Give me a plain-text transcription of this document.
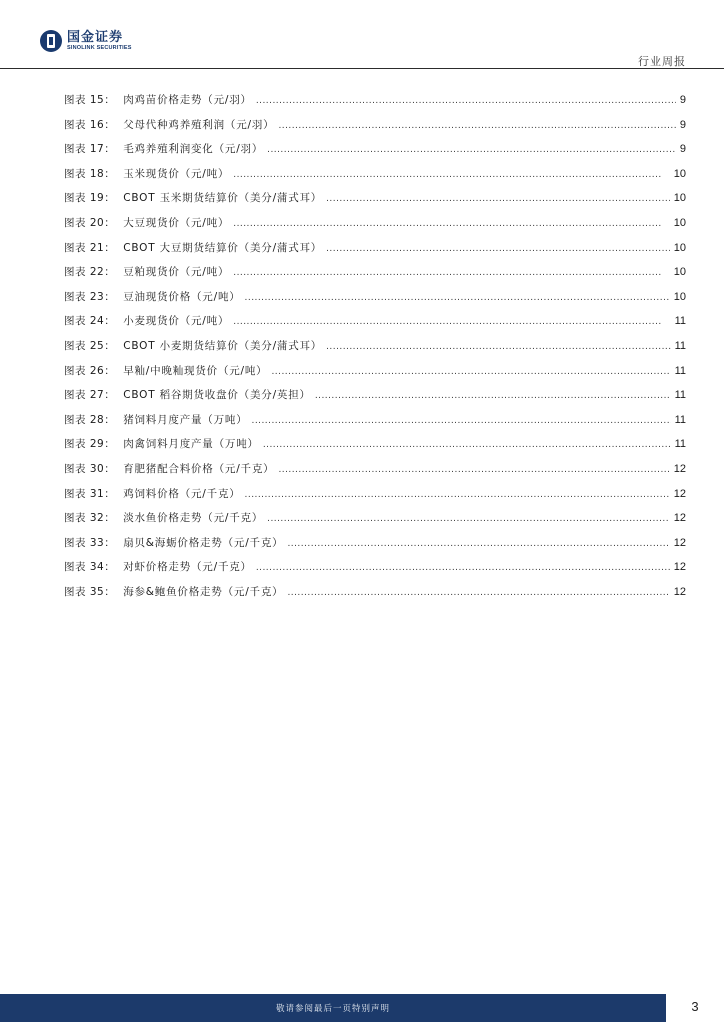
国金证券
SINOLINK SECURITIES
行业周报
图表 15： 肉鸡苗价格走势（元/羽） . . .	9
图表 16： 父母代种鸡养殖利润（元/羽） . . .	9
图表 17： 毛鸡养殖利润变化（元/羽） . . .	9
图表 18： 玉米现货价（元/吨） . . .	10
图表 19： CBOT 玉米期货结算价（美分/蒲式耳） . . .	10
图表 20： 大豆现货价（元/吨） . . .	10
图表 21： CBOT 大豆期货结算价（美分/蒲式耳） . . .	10
图表 22： 豆粕现货价（元/吨） . . .	10
图表 23： 豆油现货价格（元/吨） . . .	10
图表 24： 小麦现货价（元/吨） . . .	11
图表 25： CBOT 小麦期货结算价（美分/蒲式耳） . . .	11
图表 26： 早籼/中晚籼现货价（元/吨） . . .	11
图表 27： CBOT 稻谷期货收盘价（美分/英担） . . .	11
图表 28： 猪饲料月度产量（万吨） . . .	11
图表 29： 肉禽饲料月度产量（万吨） . . .	11
图表 30： 育肥猪配合料价格（元/千克） . . .	12
图表 31： 鸡饲料价格（元/千克） . . .	12
图表 32： 淡水鱼价格走势（元/千克） . . .	12
图表 33： 扇贝&海蛎价格走势（元/千克） . . .	12
图表 34： 对虾价格走势（元/千克） . . .	12
图表 35： 海参&鲍鱼价格走势（元/千克） . . .	12
敬请参阅最后一页特别声明	3
